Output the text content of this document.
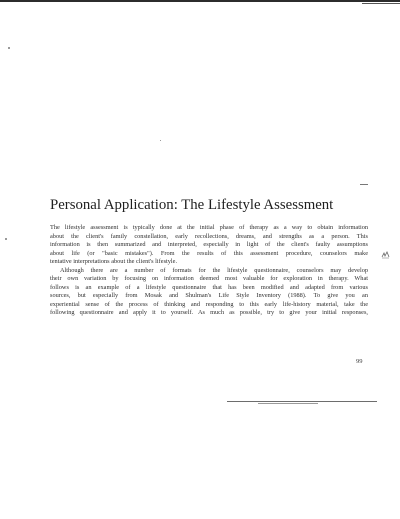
Personal Application: The Lifestyle Assessment
The lifestyle assessment is typically done at the initial phase of therapy as a way to obtain information
about the client's family constellation, early recollections, dreams, and strengths as a person. This
information is then summarized and interpreted, especially in light of the client's faulty assumptions
about life (or "basic mistakes"). From the results of this assessment procedure, counselors make
tentative interpretations about the client's lifestyle.
Although there are a number of formats for the lifestyle questionnaire, counselors may develop
their own variation by focusing on information deemed most valuable for exploration in therapy. What
follows is an example of a lifestyle questionnaire that has been modified and adapted from various
sources, but especially from Mosak and Shulman's Life Style Inventory (1988). To give you an
experiential sense of the process of thinking and responding to this early life-history material, take the
following questionnaire and apply it to yourself. As much as possible, try to give your initial responses,
99
